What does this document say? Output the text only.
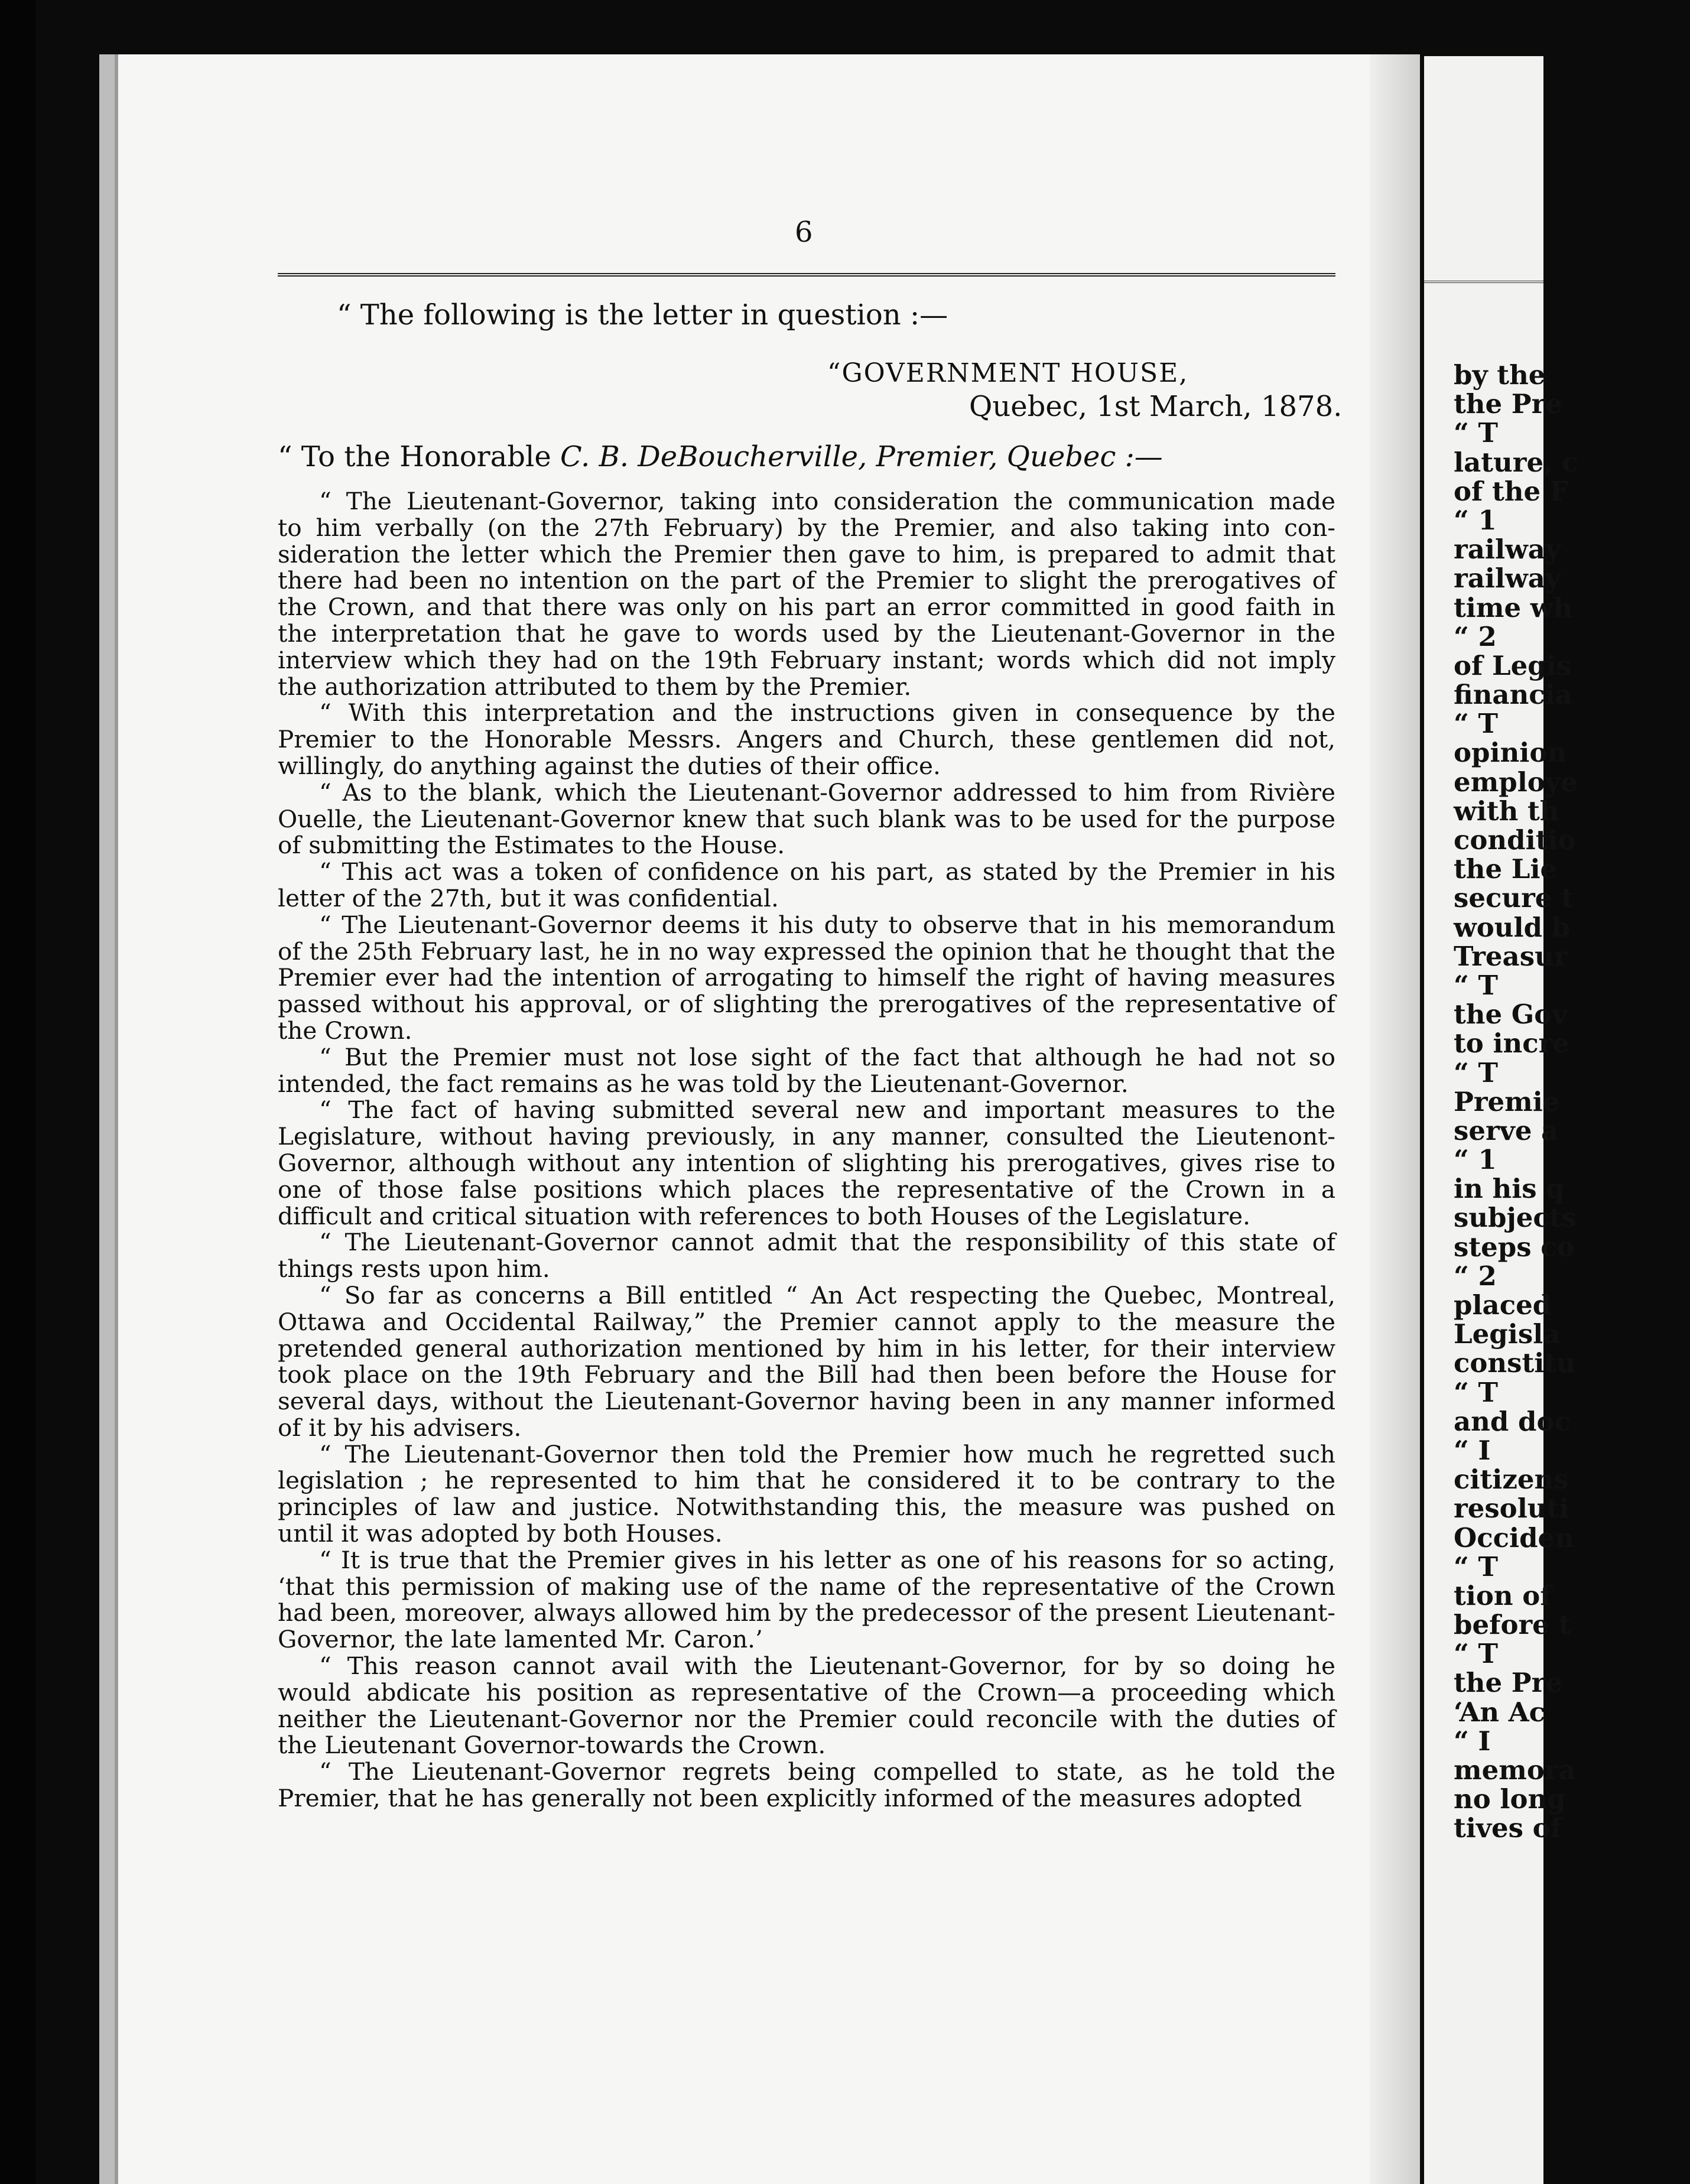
6
“ The following is the letter in question :—
“GOVERNMENT HOUSE,
Quebec, 1st March, 1878.
“ To the Honorable C. B. DeBoucherville, Premier, Quebec :—
“ The Lieutenant-Governor, taking into consideration the communication made
to him verbally (on the 27th February) by the Premier, and also taking into con-
sideration the letter which the Premier then gave to him, is prepared to admit that
there had been no intention on the part of the Premier to slight the prerogatives of
the Crown, and that there was only on his part an error committed in good faith in
the interpretation that he gave to words used by the Lieutenant-Governor in the
interview which they had on the 19th February instant; words which did not imply
the authorization attributed to them by the Premier.
“ With this interpretation and the instructions given in consequence by the
Premier to the Honorable Messrs. Angers and Church, these gentlemen did not,
willingly, do anything against the duties of their office.
“ As to the blank, which the Lieutenant-Governor addressed to him from Rivière
Ouelle, the Lieutenant-Governor knew that such blank was to be used for the purpose
of submitting the Estimates to the House.
“ This act was a token of confidence on his part, as stated by the Premier in his
letter of the 27th, but it was confidential.
“ The Lieutenant-Governor deems it his duty to observe that in his memorandum
of the 25th February last, he in no way expressed the opinion that he thought that the
Premier ever had the intention of arrogating to himself the right of having measures
passed without his approval, or of slighting the prerogatives of the representative of
the Crown.
“ But the Premier must not lose sight of the fact that although he had not so
intended, the fact remains as he was told by the Lieutenant-Governor.
“ The fact of having submitted several new and important measures to the
Legislature, without having previously, in any manner, consulted the Lieutenont-
Governor, although without any intention of slighting his prerogatives, gives rise to
one of those false positions which places the representative of the Crown in a
difficult and critical situation with references to both Houses of the Legislature.
“ The Lieutenant-Governor cannot admit that the responsibility of this state of
things rests upon him.
“ So far as concerns a Bill entitled “ An Act respecting the Quebec, Montreal,
Ottawa and Occidental Railway,” the Premier cannot apply to the measure the
pretended general authorization mentioned by him in his letter, for their interview
took place on the 19th February and the Bill had then been before the House for
several days, without the Lieutenant-Governor having been in any manner informed
of it by his advisers.
“ The Lieutenant-Governor then told the Premier how much he regretted such
legislation ; he represented to him that he considered it to be contrary to the
principles of law and justice. Notwithstanding this, the measure was pushed on
until it was adopted by both Houses.
“ It is true that the Premier gives in his letter as one of his reasons for so acting,
‘that this permission of making use of the name of the representative of the Crown
had been, moreover, always allowed him by the predecessor of the present Lieutenant-
Governor, the late lamented Mr. Caron.’
“ This reason cannot avail with the Lieutenant-Governor, for by so doing he
would abdicate his position as representative of the Crown—a proceeding which
neither the Lieutenant-Governor nor the Premier could reconcile with the duties of
the Lieutenant Governor-towards the Crown.
“ The Lieutenant-Governor regrets being compelled to state, as he told the
Premier, that he has generally not been explicitly informed of the measures adopted
by the
the Pre
“ T
lature, c
of the F
“ 1
railway
railway
time wh
“ 2
of Legis
financia
“ T
opinion
employe
with th
conditio
the Lie
secure t
would b
Treasur
“ T
the Gov
to incre
“ T
Premie
serve a
“ 1
in his q
subjects
steps co
“ 2
placed
Legisla
constitu
“ T
and doc
“ I
citizens
resoluti
Occiden
“ T
tion of
before t
“ T
the Pre
‘An Ac
“ I
memora
no long
tives of
